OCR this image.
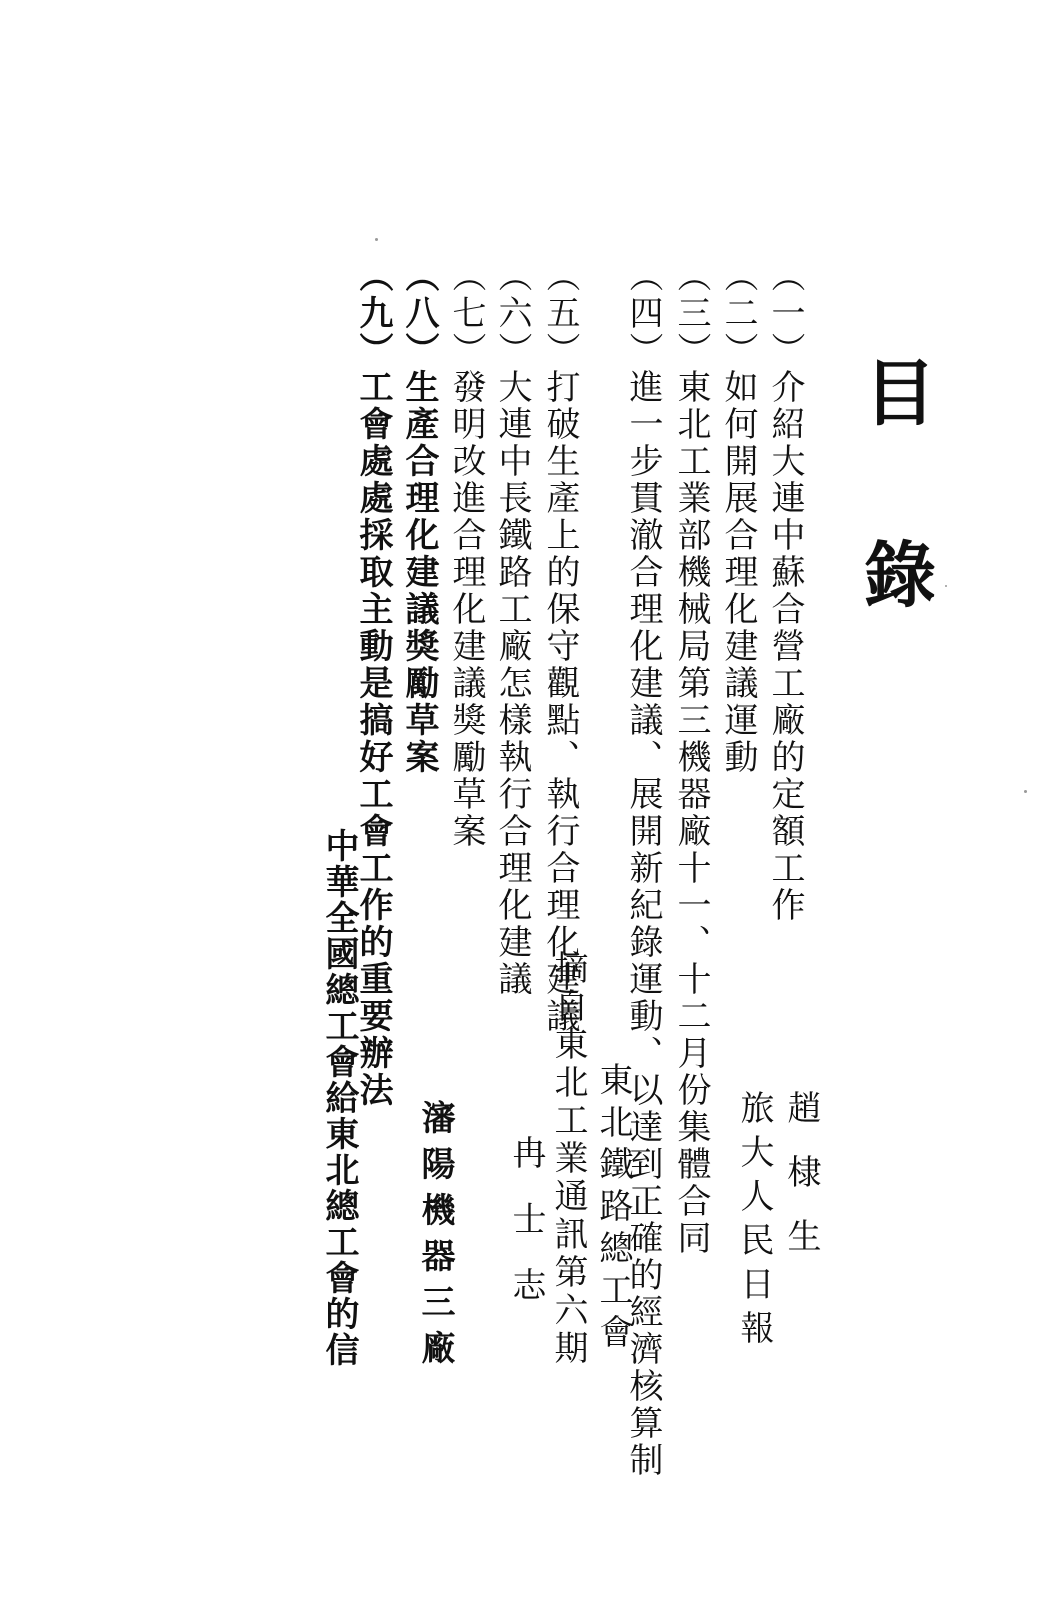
目錄
（一）介紹大連中蘇合營工廠的定額工作
（二）如何開展合理化建議運動
（三）東北工業部機械局第三機器廠十一、十二月份集體合同
（四）進一步貫澈合理化建議、展開新紀錄運動、以達到正確的經濟核算制
（五）打破生產上的保守觀點、執行合理化建議
（六）大連中長鐵路工廠怎樣執行合理化建議
（七）發明改進合理化建議獎勵草案
（八）生產合理化建議獎勵草案
（九）工會處處採取主動是搞好工會工作的重要辦法
趙棣生
旅大人民日報
東北鐵路總工會
冉士志 摘自東北工業通訊第六期
瀋陽機器三廠
中華全國總工會給東北總工會的信
